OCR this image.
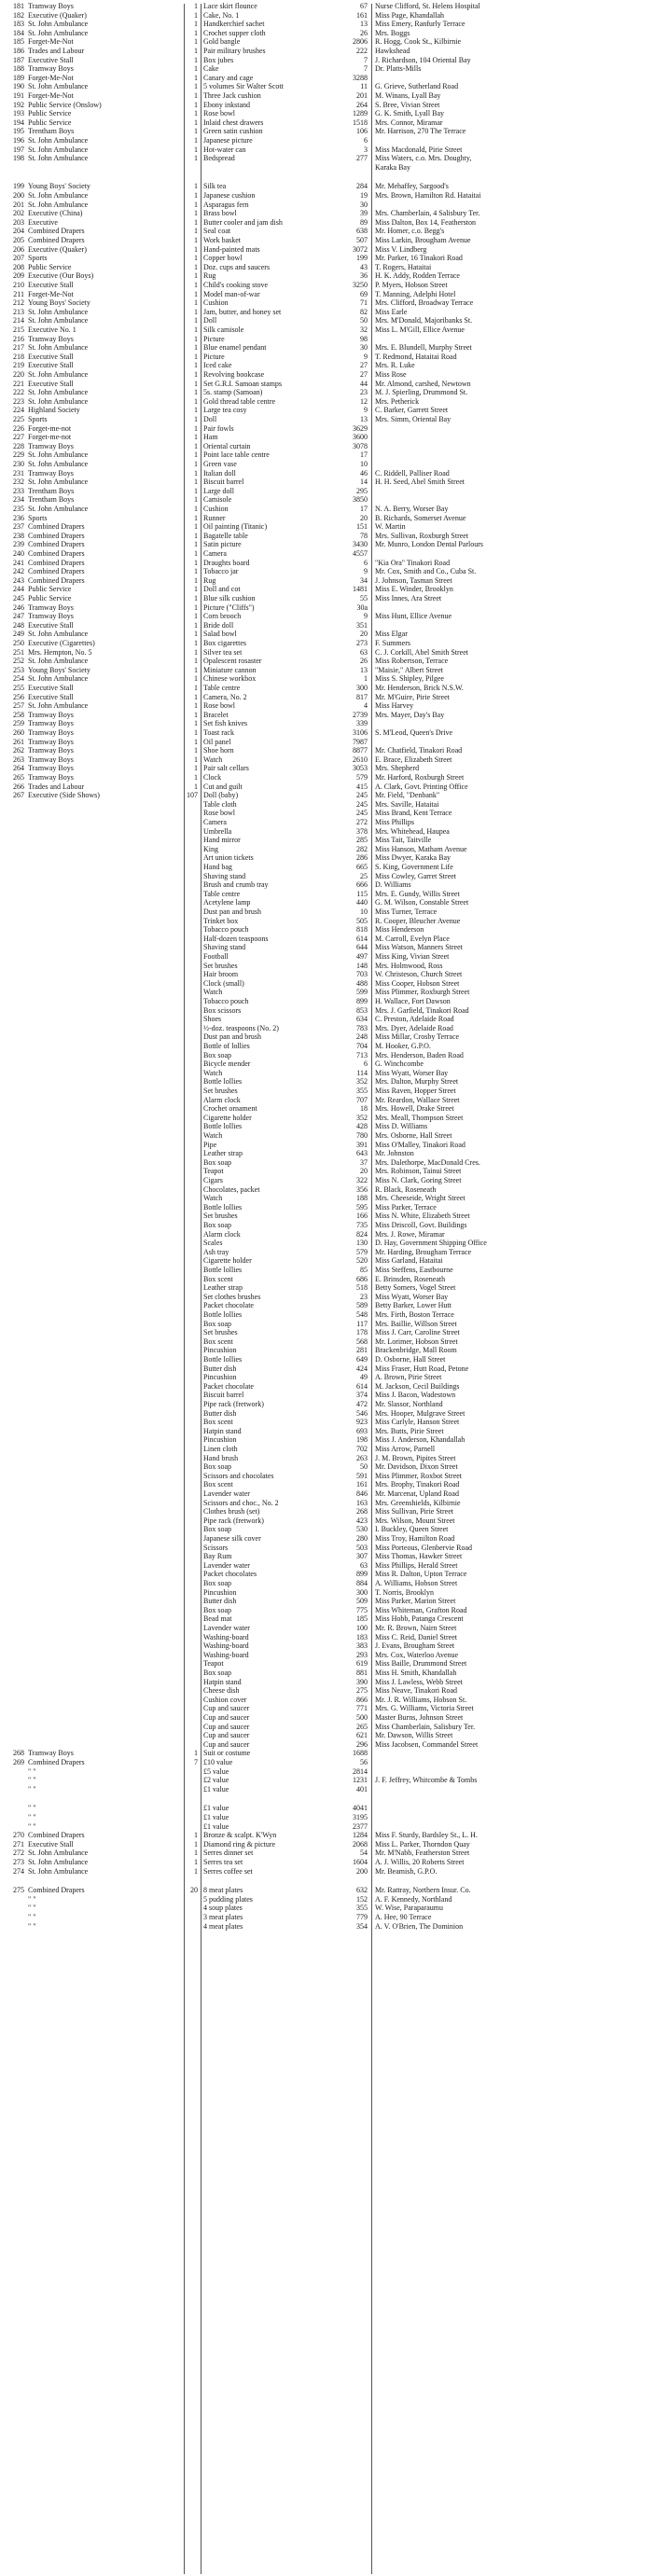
181 Tramway Boys	1 Lace skirt flounce	67 Nurse Clifford, St. Helens Hospital
182 Executive (Quaker)	1 Cake, No. 1	161 Miss Page, Khandallah
183 St. John Ambulance	1 Handkerchief sachet	13 Miss Emery, Ranfurly Terrace
184 St. John Ambulance	1 Crochet supper cloth	26 Mrs. Boggs
185 Forget-Me-Not	1 Gold bangle	2806 R. Hogg, Cook St., Kilbirnie
186 Trades and Labour	1 Pair military brushes	222 Hawkshead
187 Executive Stall	1 Box jubes	7 J. Richardson, 104 Oriental Bay
188 Tramway Boys	1 Cake	7 Dr. Platts-Mills
189 Forget-Me-Not	1 Canary and cage	3288
190 St. John Ambulance	1 5 volumes Sir Walter Scott	11 G. Grieve, Sutherland Road
191 Forget-Me-Not	1 Three Jack cushion	201 M. Winans, Lyall Bay
192 Public Service (Onslow)	1 Ebony inkstand	264 S. Bree, Vivian Street
193 Public Service	1 Rose bowl	1289 G. K. Smith, Lyall Bay
194 Public Service	1 Inlaid chest drawers	1518 Mrs. Connor, Miramar
195 Trentham Boys	1 Green satin cushion	106 Mr. Harrison, 270 The Terrace
196 St. John Ambulance	1 Japanese picture	6
197 St. John Ambulance	1 Hot-water can	3 Miss Macdonald, Pirie Street
198 St. John Ambulance	1 Bedspread	277 Miss Waters, c.o. Mrs. Doughty,
Karaka Bay
199 Young Boys' Society	1 Silk tea	284 Mr. Mehaffey, Sargood's
200 St. John Ambulance	1 Japanese cushion	19 Mrs. Brown, Hamilton Rd. Hataitai
201 St. John Ambulance	1 Asparagus fern	30
202 Executive (China)	1 Brass bowl	39 Mrs. Chamberlain, 4 Salisbury Ter.
203 Executive	1 Butter cooler and jam dish	89 Miss Dalton, Box 14, Featherston
204 Combined Drapers	1 Seal coat	638 Mr. Homer, c.o. Begg's
205 Combined Drapers	1 Work basket	507 Miss Larkin, Brougham Avenue
206 Executive (Quaker)	1 Hand-painted mats	3072 Miss V. Lindberg
207 Sports	1 Copper bowl	199 Mr. Parker, 16 Tinakori Road
208 Public Service	1 Doz. cups and saucers	43 T. Rogers, Hataitai
209 Executive (Our Boys)	1 Rug	36 H. K. Addy, Rodden Terrace
210 Executive Stall	1 Child's cooking stove	3250 P. Myers, Hobson Street
211 Forget-Me-Not	1 Model man-of-war	69 T. Manning, Adelphi Hotel
212 Young Boys' Society	1 Cushion	71 Mrs. Clifford, Broadway Terrace
213 St. John Ambulance	1 Jam, butter, and honey set	82 Miss Earle
214 St. John Ambulance	1 Doll	50 Mrs. M'Donald, Majoribanks St.
215 Executive No. 1	1 Silk camisole	32 Miss L. M'Gill, Ellice Avenue
216 Tramway Boys	1 Picture	98
217 St. John Ambulance	1 Blue enamel pendant	30 Mrs. E. Blundell, Murphy Street
218 Executive Stall	1 Picture	9 T. Redmond, Hataitai Road
219 Executive Stall	1 Iced cake	27 Mrs. R. Luke
220 St. John Ambulance	1 Revolving bookcase	27 Miss Rose
221 Executive Stall	1 Set G.R.I. Samoan stamps	44 Mr. Almond, carshed, Newtown
222 St. John Ambulance	1 5s. stamp (Samoan)	23 M. J. Spierling, Drummond St.
223 St. John Ambulance	1 Gold thread table centre	12 Mrs. Petherick
224 Highland Society	1 Large tea cosy	9 C. Barker, Garrett Street
225 Sports	1 Doll	13 Mrs. Simm, Oriental Bay
226 Forget-me-not	1 Pair fowls	3629
227 Forget-me-not	1 Ham	3600
228 Tramway Boys	1 Oriental curtain	3078
229 St. John Ambulance	1 Point lace table centre	17
230 St. John Ambulance	1 Green vase	10
231 Tramway Boys	1 Italian doll	46 C. Riddell, Palliser Road
232 St. John Ambulance	1 Biscuit barrel	14 H. H. Seed, Abel Smith Street
233 Trentham Boys	1 Large doll	295
234 Trentham Boys	1 Camisole	3850
235 St. John Ambulance	1 Cushion	17 N. A. Berry, Worser Bay
236 Sports	1 Runner	20 B. Richards, Somerset Avenue
237 Combined Drapers	1 Oil painting (Titanic)	151 W. Martin
238 Combined Drapers	1 Bagatelle table	78 Mrs. Sullivan, Roxburgh Street
239 Combined Drapers	1 Satin picture	3430 Mr. Munro, London Dental Parlours
240 Combined Drapers	1 Camera	4557
241 Combined Drapers	1 Draughts board	6 "Kia Ora" Tinakori Road
242 Combined Drapers	1 Tobacco jar	9 Mr. Cox, Smith and Co., Cuba St.
243 Combined Drapers	1 Rug	34 J. Johnson, Tasman Street
244 Public Service	1 Doll and cot	1481 Miss E. Winder, Brooklyn
245 Public Service	1 Blue silk cushion	55 Miss Innes, Ara Street
246 Tramway Boys	1 Picture ("Cliffs")	30a
247 Tramway Boys	1 Corn brooch	9 Miss Hunt, Ellice Avenue
248 Executive Stall	1 Bride doll	351
249 St. John Ambulance	1 Salad bowl	20 Miss Elgar
250 Executive (Cigarettes)	1 Box cigarettes	273 F. Summers
251 Mrs. Hempton, No. 5	1 Silver tea set	63 C. J. Corkill, Abel Smith Street
252 St. John Ambulance	1 Opalescent rosaster	26 Miss Robertson, Terrace
253 Young Boys' Society	1 Miniature cannon	13 "Maisie," Albert Street
254 St. John Ambulance	1 Chinese workbox	1 Miss S. Shipley, Pilgee
255 Executive Stall	1 Table centre	300 Mr. Henderson, Brick N.S.W.
256 Executive Stall	1 Camera, No. 2	817 Mr. M'Guire, Pirie Street
257 St. John Ambulance	1 Rose bowl	4 Miss Harvey
258 Tramway Boys	1 Bracelet	2739 Mrs. Mayer, Day's Bay
259 Tramway Boys	1 Set fish knives	339
260 Tramway Boys	1 Toast rack	3106 S. M'Leod, Queen's Drive
261 Tramway Boys	1 Oil panel	7987
262 Tramway Boys	1 Shoe horn	8877 Mr. Chatfield, Tinakori Road
263 Tramway Boys	1 Watch	2610 E. Brace, Elizabeth Street
264 Tramway Boys	1 Pair salt cellars	3053 Mrs. Shepherd
265 Tramway Boys	1 Clock	579 Mr. Harford, Roxburgh Street
266 Trades and Labour	1 Cut and guilt	415 A. Clark, Govt. Printing Office
267 Executive (Side Shows)	107 Doll (baby)	245 Mr. Field, "Denbank"
Table cloth	245 Mrs. Saville, Hataitai
Rose bowl	245 Miss Brand, Kent Terrace
Camera	272 Miss Phillips
Umbrella	378 Mrs. Whitehead, Haupea
Hand mirror	285 Miss Tait, Taitville
King	282 Miss Hanson, Matham Avenue
Art union tickets	286 Miss Dwyer, Karaka Bay
Hand bag	665 S. King, Government Life
Shaving stand	25 Miss Cowley, Garret Street
Brush and crumb tray	666 D. Williams
Table centre	115 Mrs. E. Gundy, Willis Street
Acetylene lamp	440 G. M. Wilson, Constable Street
Dust pan and brush	10 Miss Turner, Terrace
Trinket box	505 R. Cooper, Bleucher Avenue
Tobacco pouch	818 Miss Henderson
Half-dozen teaspoons	614 M. Carroll, Evelyn Place
Shaving stand	644 Miss Watson, Manners Street
Football	497 Miss King, Vivian Street
Set brushes	148 Mrs. Holmwood, Ross
Hair broom	703 W. Christeson, Church Street
Clock (small)	488 Miss Cooper, Hobson Street
Watch	599 Miss Plimmer, Roxburgh Street
Tobacco pouch	899 H. Wallace, Fort Dawson
Box scissors	853 Mrs. J. Garfield, Tinakori Road
Shoes	634 C. Preston, Adelaide Road
½-doz. teaspoons (No. 2)	783 Mrs. Dyer, Adelaide Road
Dust pan and brush	248 Miss Millar, Crosby Terrace
Bottle of lollies	704 M. Hooker, G.P.O.
Box soap	713 Mrs. Henderson, Baden Road
Bicycle mender	6 G. Winchcombe
Watch	114 Miss Wyatt, Worser Bay
Bottle lollies	352 Mrs. Dalton, Murphy Street
Set brushes	355 Miss Raven, Hopper Street
Alarm clock	707 Mr. Reardon, Wallace Street
Crochet ornament	18 Mrs. Howell, Drake Street
Cigarette holder	352 Mrs. Meall, Thompson Street
Bottle lollies	428 Miss D. Williams
Watch	780 Mrs. Osborne, Hall Street
Pipe	391 Miss O'Malley, Tinakori Road
Leather strap	643 Mr. Johnston
Box soap	37 Mrs. Dalethorpe, MacDonald Cres.
Teapot	20 Mrs. Robinson, Tainui Street
Cigars	322 Miss N. Clark, Goring Street
Chocolates, packet	356 R. Black, Roseneath
Watch	188 Mrs. Cheeseide, Wright Street
Bottle lollies	595 Miss Parker, Terrace
Set brushes	166 Miss N. White, Elizabeth Street
Box soap	735 Miss Driscoll, Govt. Buildings
Alarm clock	824 Mrs. J. Rowe, Miramar
Scales	130 D. Hay, Government Shipping Office
Ash tray	579 Mr. Harding, Brougham Terrace
Cigarette holder	520 Miss Garland, Hataitai
Bottle lollies	85 Miss Steffens, Eastbourne
Box scent	686 E. Brinsden, Roseneath
Leather strap	518 Betty Somers, Vogel Street
Set clothes brushes	23 Miss Wyatt, Worser Bay
Packet chocolate	589 Betty Barker, Lower Hutt
Bottle lollies	548 Mrs. Firth, Boston Terrace
Box soap	117 Mrs. Baillie, Willson Street
Set brushes	178 Miss J. Carr, Caroline Street
Box scent	568 Mr. Lorimer, Hobson Street
Pincushion	281 Brackenbridge, Mall Room
Bottle lollies	649 D. Osborne, Hall Street
Butter dish	424 Miss Fraser, Hutt Road, Petone
Pincushion	49 A. Brown, Pirie Street
Packet chocolate	614 M. Jackson, Cecil Buildings
Biscuit barrel	374 Miss J. Bacon, Wadestown
Pipe rack (fretwork)	472 Mr. Slassor, Northland
Butter dish	546 Mrs. Hooper, Mulgrave Street
Box scent	923 Miss Carlyle, Hanson Street
Hatpin stand	693 Mrs. Butts, Pirie Street
Pincushion	198 Miss J. Anderson, Khandallah
Linen cloth	702 Miss Arrow, Parnell
Hand brush	263 J. M. Brown, Pipites Street
Box soap	50 Mr. Davidson, Dixon Street
Scissors and chocolates	591 Miss Plimmer, Roxbot Street
Box scent	161 Mrs. Brophy, Tinakori Road
Lavender water	846 Mr. Marcenat, Upland Road
Scissors and choc., No. 2	163 Mrs. Greenshields, Kilbirnie
Clothes brush (set)	268 Miss Sullivan, Pirie Street
Pipe rack (fretwork)	423 Mrs. Wilson, Mount Street
Box soap	530 I. Buckley, Queen Street
Japanese silk cover	280 Miss Troy, Hamilton Road
Scissors	503 Miss Porteous, Glenbervie Road
Bay Rum	307 Miss Thomas, Hawker Street
Lavender water	63 Miss Phillips, Herald Street
Packet chocolates	899 Miss R. Dalton, Upton Terrace
Box soap	884 A. Williams, Hobson Street
Pincushion	300 T. Norris, Brooklyn
Butter dish	509 Miss Parker, Marion Street
Box soap	775 Miss Whiteman, Grafton Road
Bead mat	185 Miss Hobb, Patanga Crescent
Lavender water	100 Mr. R. Brown, Nairn Street
Washing-board	183 Miss C. Reid, Daniel Street
Washing-board	383 J. Evans, Brougham Street
Washing-board	293 Mrs. Cox, Waterloo Avenue
Teapot	619 Miss Baille, Drummond Street
Box soap	881 Miss H. Smith, Khandallah
Hatpin stand	390 Miss J. Lawless, Webb Street
Cheese dish	275 Miss Neave, Tinakori Road
Cushion cover	866 Mr. J. R. Williams, Hobson St.
Cup and saucer	771 Mrs. G. Williams, Victoria Street
Cup and saucer	500 Master Burns, Johnson Street
Cup and saucer	265 Miss Chamberlain, Salisbury Ter.
Cup and saucer	621 Mr. Dawson, Willis Street
Cup and saucer	296 Miss Jacobsen, Commandel Street
268 Tramway Boys	1 Suit or costume	1688
269 Combined Drapers	7 £10 value	56
" "	£5 value	2814
" "	£2 value	1231 J. F. Jeffrey, Whitcombe & Tombs
" "	£1 value	401
" "	£1 value	4041
" "	£1 value	3195
" "	£1 value	2377
270 Combined Drapers	1 Bronze & scalpt. K'Wyn	1284 Miss F. Sturdy, Bardsley St., L. H.
271 Executive Stall	1 Diamond ring & picture	2068 Miss L. Parker, Thorndon Quay
272 St. John Ambulance	1 Serres dinner set	54 Mr. M'Nabb, Featherston Street
273 St. John Ambulance	1 Serres tea set	1604 A. J. Willis, 20 Roberts Street
274 St. John Ambulance	1 Serres coffee set	200 Mr. Beamish, G.P.O.
275 Combined Drapers	20 8 meat plates	632 Mr. Rattray, Northern Insur. Co.
" "	5 pudding plates	152 A. F. Kennedy, Northland
" "	4 soup plates	355 W. Wise, Paraparaumu
" "	3 meat plates	779 A. Hee, 90 Terrace
" "	4 meat plates	354 A. V. O'Brien, The Dominion
